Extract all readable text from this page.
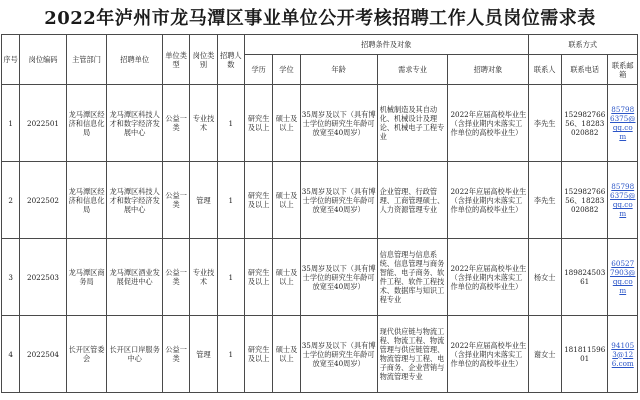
2022年泸州市龙马潭区事业单位公开考核招聘工作人员岗位需求表
序号	岗位编码	主管部门	招聘单位	单位类型	岗位类别	招聘人数	招聘条件及对象					联系方式		
							学历	学位	年龄	需求专业	招聘对象	联系人	联系电话	联系邮箱
1	2022501	龙马潭区经济和信息化局	龙马潭区科技人才和数字经济发展中心	公益一类	专业技术	1	研究生及以上	硕士及以上	35周岁及以下（具有博士学位的研究生年龄可放宽至40周岁）	机械制造及其自动化、机械设计及理论、机械电子工程专业	2022年应届高校毕业生（含择业期内未落实工作单位的高校毕业生）	李先生	15298276656、18283020882	857986375@qq.com
2	2022502	龙马潭区经济和信息化局	龙马潭区科技人才和数字经济发展中心	公益一类	管理	1	研究生及以上	硕士及以上	35周岁及以下（具有博士学位的研究生年龄可放宽至40周岁）	企业管理、行政管理、工商管理硕士、人力资源管理专业	2022年应届高校毕业生（含择业期内未落实工作单位的高校毕业生）	李先生	15298276656、18283020882	857986375@qq.com
3	2022503	龙马潭区商务局	龙马潭区酒业发展促进中心	公益一类	专业技术	1	研究生及以上	硕士及以上	35周岁及以下（具有博士学位的研究生年龄可放宽至40周岁）	信息管理与信息系统、信息管理与商务智能、电子商务、软件工程、软件工程技术、数据库与知识工程专业	2022年应届高校毕业生（含择业期内未落实工作单位的高校毕业生）	杨女士	18982450361	605277903@qq.com
4	2022504	长开区管委会	长开区口岸服务中心	公益一类	管理	1	研究生及以上	硕士及以上	35周岁及以下（具有博士学位的研究生年龄可放宽至40周岁）	现代供应链与物流工程、物流工程、物流管理与供应链管理、物流管理与工程、电子商务、企业营销与物流管理专业	2022年应届高校毕业生（含择业期内未落实工作单位的高校毕业生）	谢女士	18181159601	941053@126.com
